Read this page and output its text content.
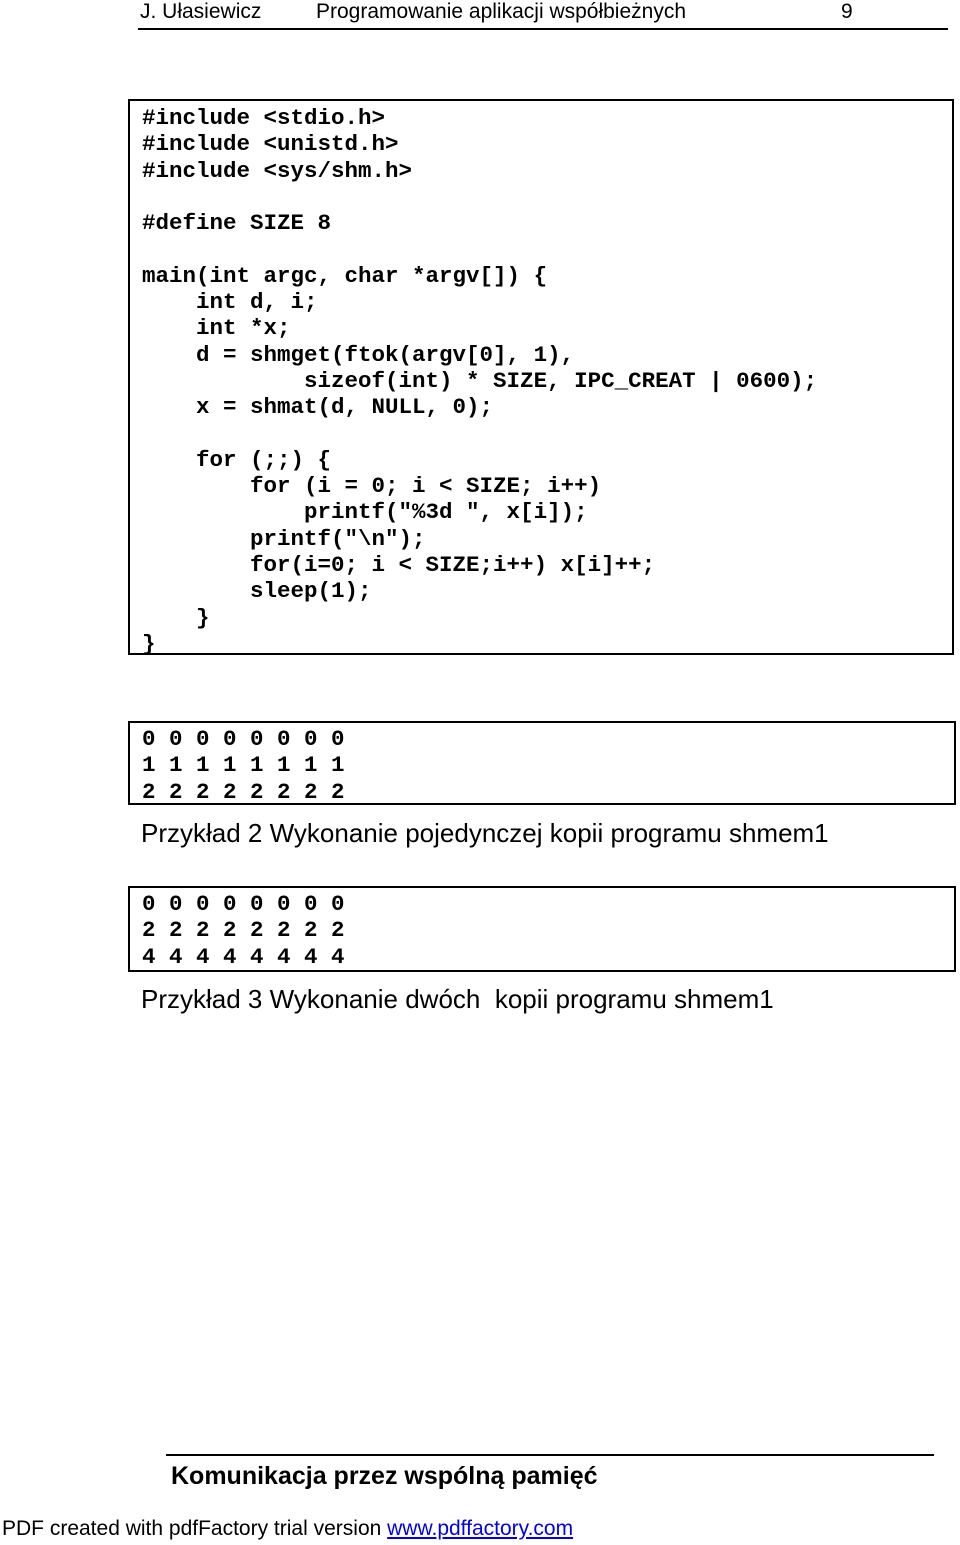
J. Ułasiewicz	Programowanie aplikacji współbieżnych	9
#include <stdio.h>
#include <unistd.h>
#include <sys/shm.h>

#define SIZE 8

main(int argc, char *argv[]) {
int d, i;
int *x;
d = shmget(ftok(argv[0], 1),
sizeof(int) * SIZE, IPC_CREAT | 0600);
x = shmat(d, NULL, 0);

for (;;) {
for (i = 0; i < SIZE; i++)
printf("%3d ", x[i]);
printf("\n");
for(i=0; i < SIZE;i++) x[i]++;
sleep(1);
}
}
0 0 0 0 0 0 0 0
1 1 1 1 1 1 1 1
2 2 2 2 2 2 2 2
Przykład 2 Wykonanie pojedynczej kopii programu shmem1
0 0 0 0 0 0 0 0
2 2 2 2 2 2 2 2
4 4 4 4 4 4 4 4
Przykład 3 Wykonanie dwóch  kopii programu shmem1
Komunikacja przez wspólną pamięć
PDF created with pdfFactory trial version www.pdffactory.com
